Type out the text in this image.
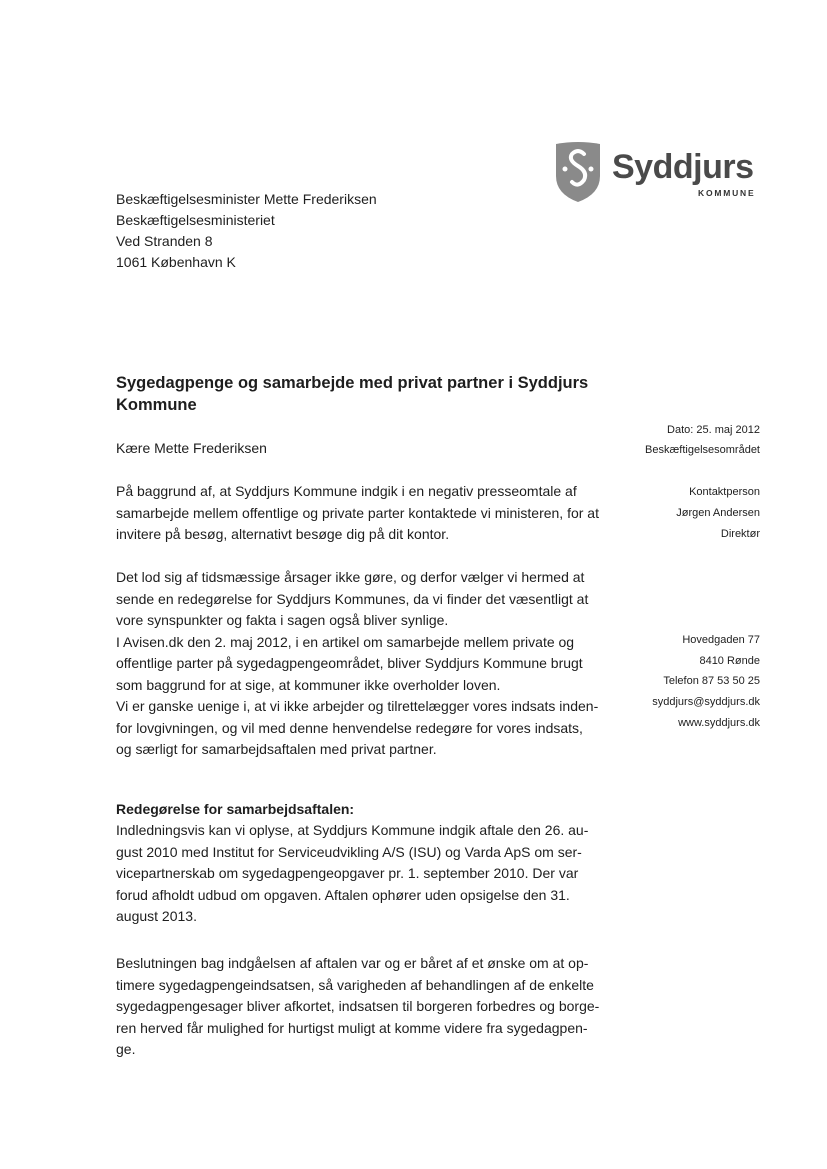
Syddjurs
KOMMUNE
Beskæftigelsesminister Mette Frederiksen
Beskæftigelsesministeriet
Ved Stranden 8
1061 København K
Sygedagpenge og samarbejde med privat partner i Syddjurs
Kommune
Kære Mette Frederiksen
På baggrund af, at Syddjurs Kommune indgik i en negativ presseomtale af
samarbejde mellem offentlige og private parter kontaktede vi ministeren, for at
invitere på besøg, alternativt besøge dig på dit kontor.
Det lod sig af tidsmæssige årsager ikke gøre, og derfor vælger vi hermed at
sende en redegørelse for Syddjurs Kommunes, da vi finder det væsentligt at
vore synspunkter og fakta i sagen også bliver synlige.
I Avisen.dk den 2. maj 2012, i en artikel om samarbejde mellem private og
offentlige parter på sygedagpengeområdet, bliver Syddjurs Kommune brugt
som baggrund for at sige, at kommuner ikke overholder loven.
Vi er ganske uenige i, at vi ikke arbejder og tilrettelægger vores indsats inden-
for lovgivningen, og vil med denne henvendelse redegøre for vores indsats,
og særligt for samarbejdsaftalen med privat partner.
Redegørelse for samarbejdsaftalen:
Indledningsvis kan vi oplyse, at Syddjurs Kommune indgik aftale den 26. au-
gust 2010 med Institut for Serviceudvikling A/S (ISU) og Varda ApS om ser-
vicepartnerskab om sygedagpengeopgaver pr. 1. september 2010. Der var
forud afholdt udbud om opgaven. Aftalen ophører uden opsigelse den 31.
august 2013.
Beslutningen bag indgåelsen af aftalen var og er båret af et ønske om at op-
timere sygedagpengeindsatsen, så varigheden af behandlingen af de enkelte
sygedagpengesager bliver afkortet, indsatsen til borgeren forbedres og borge-
ren herved får mulighed for hurtigst muligt at komme videre fra sygedagpen-
ge.
Dato: 25. maj 2012
Beskæftigelsesområdet
Kontaktperson
Jørgen Andersen
Direktør
Hovedgaden 77
8410 Rønde
Telefon 87 53 50 25
syddjurs@syddjurs.dk
www.syddjurs.dk
